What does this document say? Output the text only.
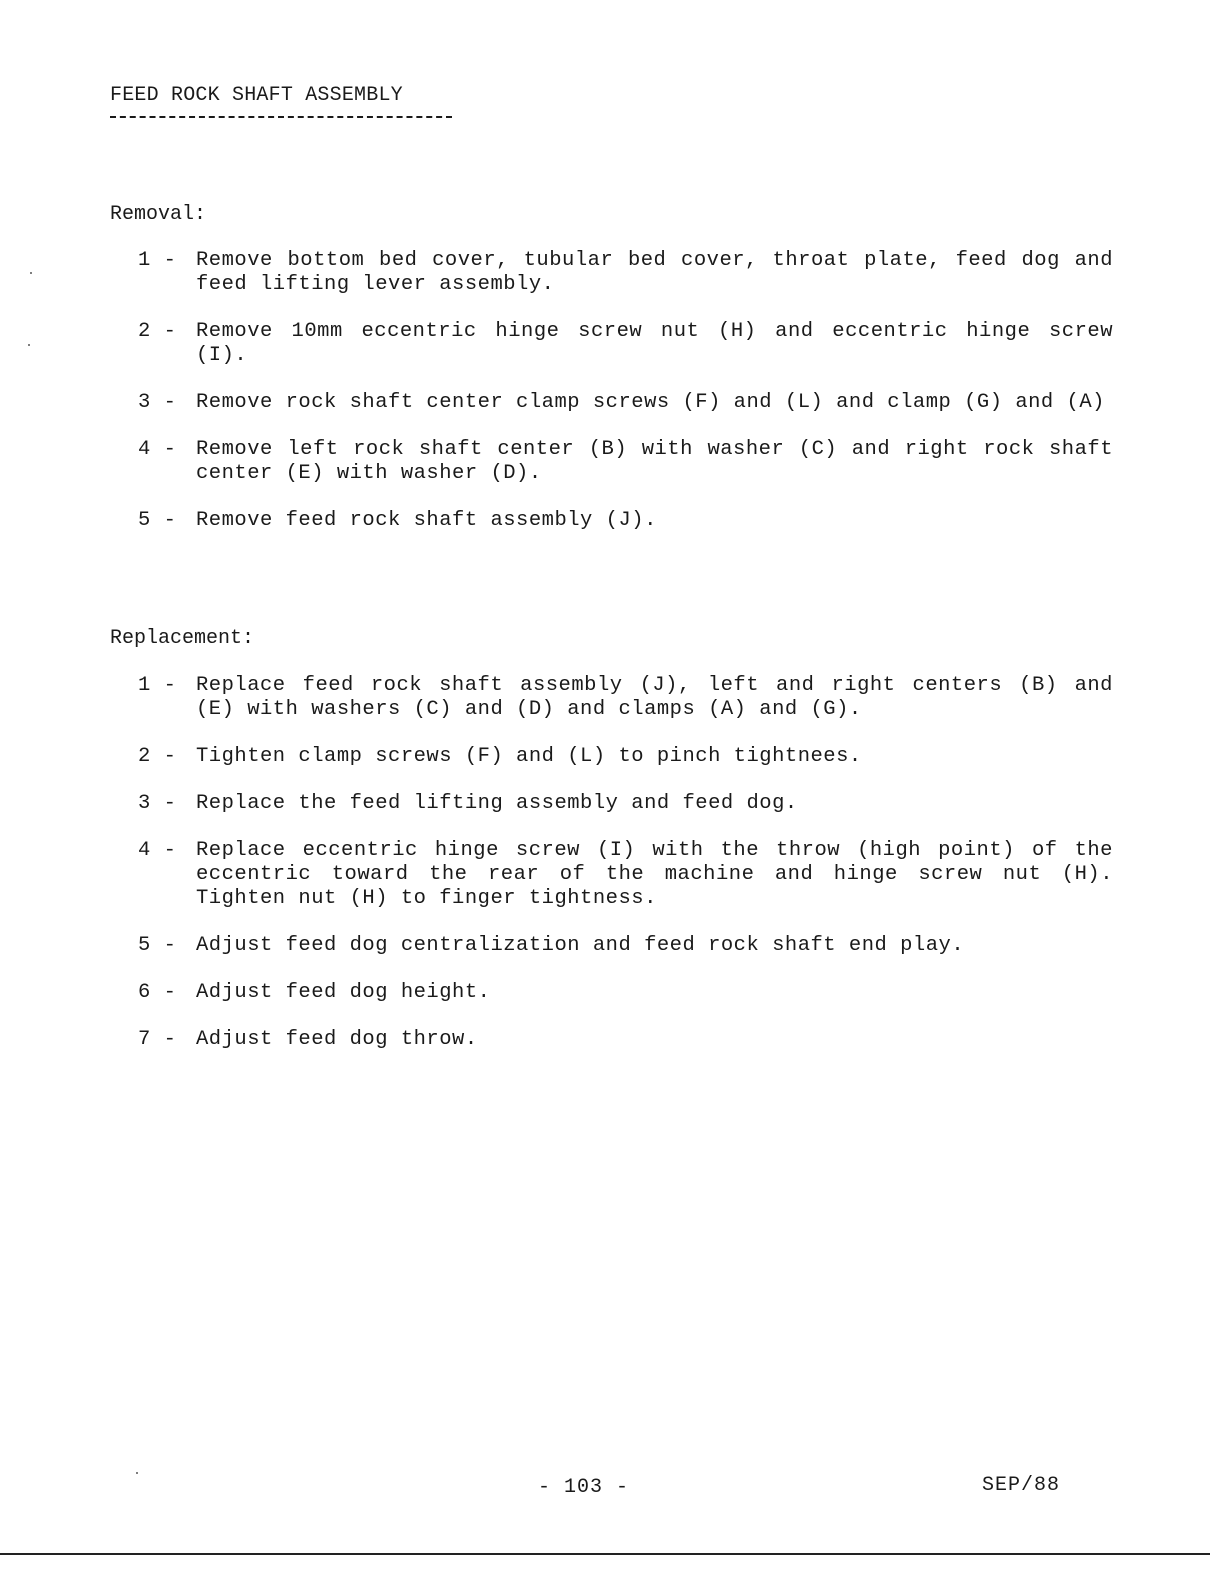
FEED ROCK SHAFT ASSEMBLY
Removal:
1 - Remove bottom bed cover, tubular bed cover, throat plate, feed dog and feed lifting lever assembly.
2 - Remove 10mm eccentric hinge screw nut (H) and eccentric hinge screw (I).
3 - Remove rock shaft center clamp screws (F) and (L) and clamp (G) and (A)
4 - Remove left rock shaft center (B) with washer (C) and right rock shaft center (E) with washer (D).
5 - Remove feed rock shaft assembly (J).
Replacement:
1 - Replace feed rock shaft assembly (J), left and right centers (B) and (E) with washers (C) and (D) and clamps (A) and (G).
2 - Tighten clamp screws (F) and (L) to pinch tightnees.
3 - Replace the feed lifting assembly and feed dog.
4 - Replace eccentric hinge screw (I) with the throw (high point) of the eccentric toward the rear of the machine and hinge screw nut (H). Tighten nut (H) to finger tightness.
5 - Adjust feed dog centralization and feed rock shaft end play.
6 - Adjust feed dog height.
7 - Adjust feed dog throw.
- 103 -	SEP/88
